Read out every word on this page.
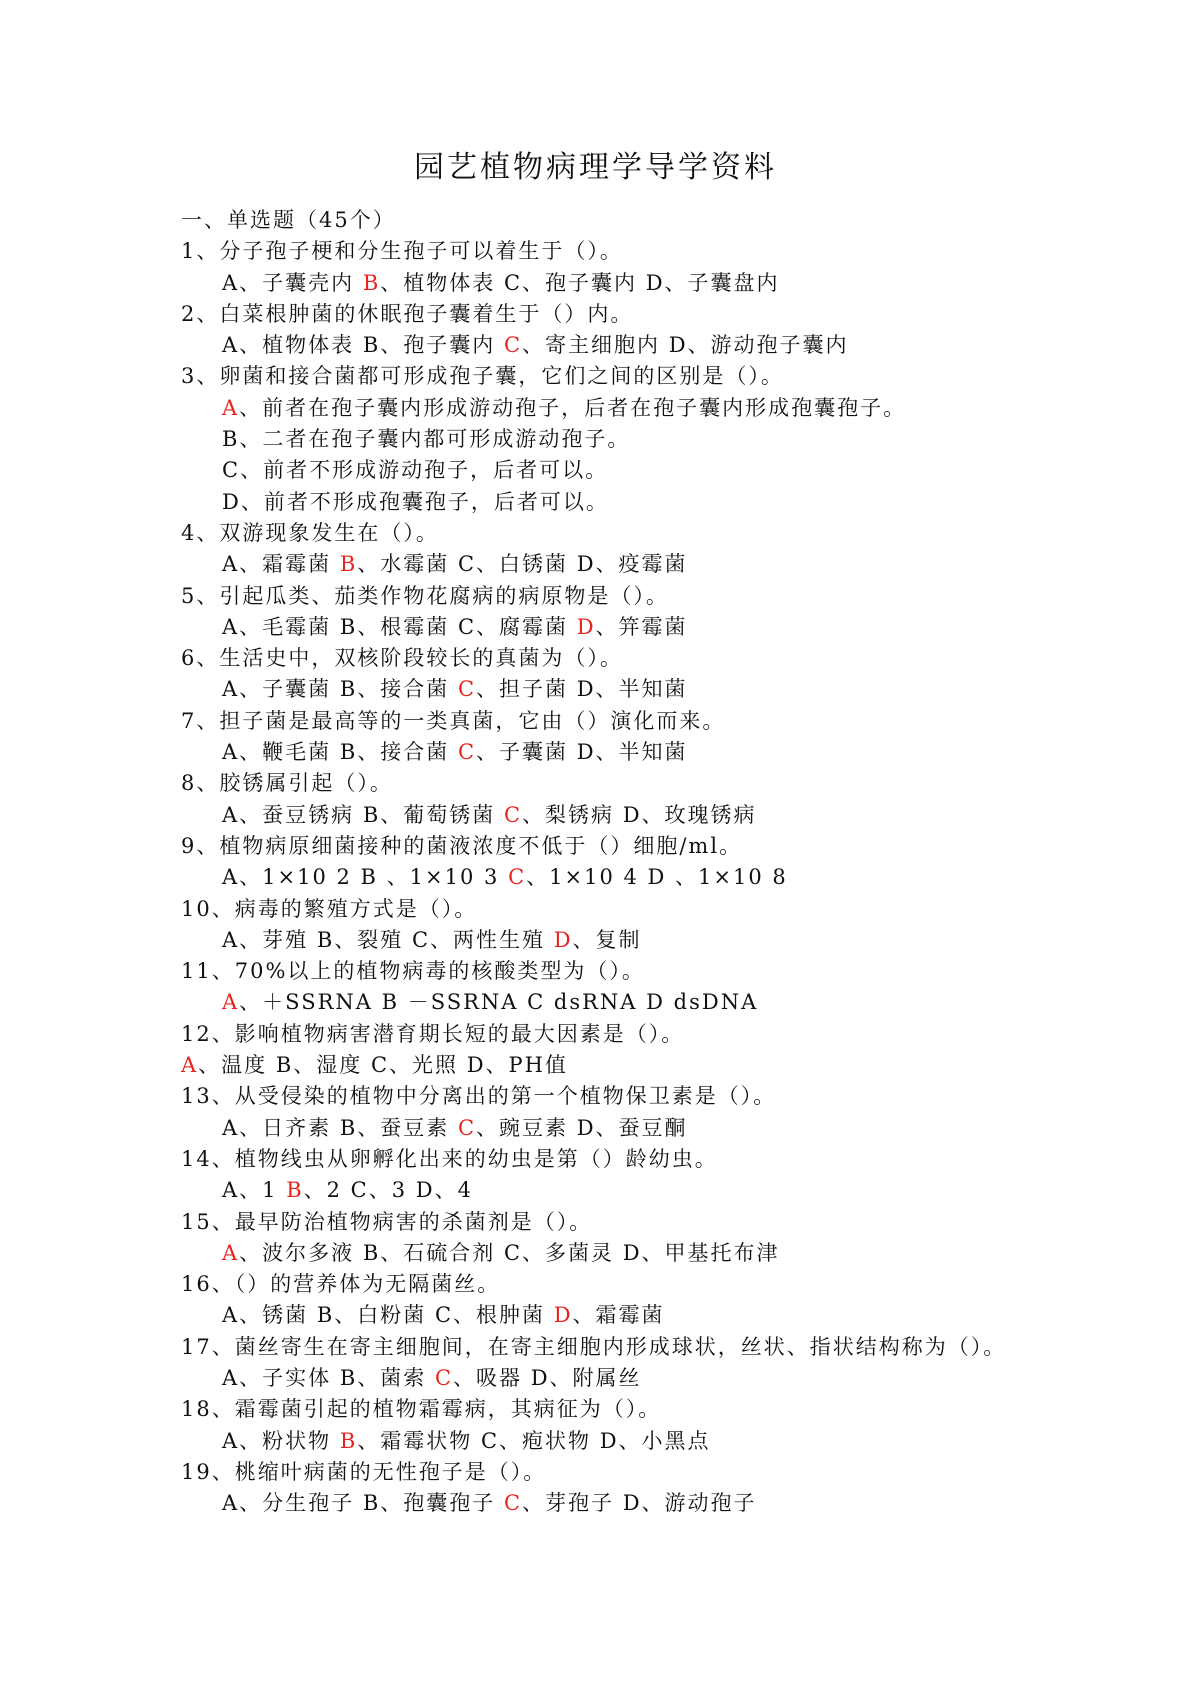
园艺植物病理学导学资料
一、单选题（45个）
1、分子孢子梗和分生孢子可以着生于（）。
A、子囊壳内 B、植物体表 C、孢子囊内 D、子囊盘内
2、白菜根肿菌的休眠孢子囊着生于（）内。
A、植物体表 B、孢子囊内 C、寄主细胞内 D、游动孢子囊内
3、卵菌和接合菌都可形成孢子囊，它们之间的区别是（）。
A、前者在孢子囊内形成游动孢子，后者在孢子囊内形成孢囊孢子。
B、二者在孢子囊内都可形成游动孢子。
C、前者不形成游动孢子，后者可以。
D、前者不形成孢囊孢子，后者可以。
4、双游现象发生在（）。
A、霜霉菌 B、水霉菌 C、白锈菌 D、疫霉菌
5、引起瓜类、茄类作物花腐病的病原物是（）。
A、毛霉菌 B、根霉菌 C、腐霉菌 D、笄霉菌
6、生活史中，双核阶段较长的真菌为（）。
A、子囊菌 B、接合菌 C、担子菌 D、半知菌
7、担子菌是最高等的一类真菌，它由（）演化而来。
A、鞭毛菌 B、接合菌 C、子囊菌 D、半知菌
8、胶锈属引起（）。
A、蚕豆锈病 B、葡萄锈菌 C、梨锈病 D、玫瑰锈病
9、植物病原细菌接种的菌液浓度不低于（）细胞/ml。
A、1×10 2 B 、1×10 3 C、1×10 4 D 、1×10 8
10、病毒的繁殖方式是（）。
A、芽殖 B、裂殖 C、两性生殖 D、复制
11、70%以上的植物病毒的核酸类型为（）。
A、＋SSRNA B －SSRNA C dsRNA D dsDNA
12、影响植物病害潜育期长短的最大因素是（）。
A、温度 B、湿度 C、光照 D、PH值
13、从受侵染的植物中分离出的第一个植物保卫素是（）。
A、日齐素 B、蚕豆素 C、豌豆素 D、蚕豆酮
14、植物线虫从卵孵化出来的幼虫是第（）龄幼虫。
A、1 B、2 C、3 D、4
15、最早防治植物病害的杀菌剂是（）。
A、波尔多液 B、石硫合剂 C、多菌灵 D、甲基托布津
16、（）的营养体为无隔菌丝。
A、锈菌 B、白粉菌 C、根肿菌 D、霜霉菌
17、菌丝寄生在寄主细胞间，在寄主细胞内形成球状，丝状、指状结构称为（）。
A、子实体 B、菌索 C、吸器 D、附属丝
18、霜霉菌引起的植物霜霉病，其病征为（）。
A、粉状物 B、霜霉状物 C、疱状物 D、小黑点
19、桃缩叶病菌的无性孢子是（）。
A、分生孢子 B、孢囊孢子 C、芽孢子 D、游动孢子
